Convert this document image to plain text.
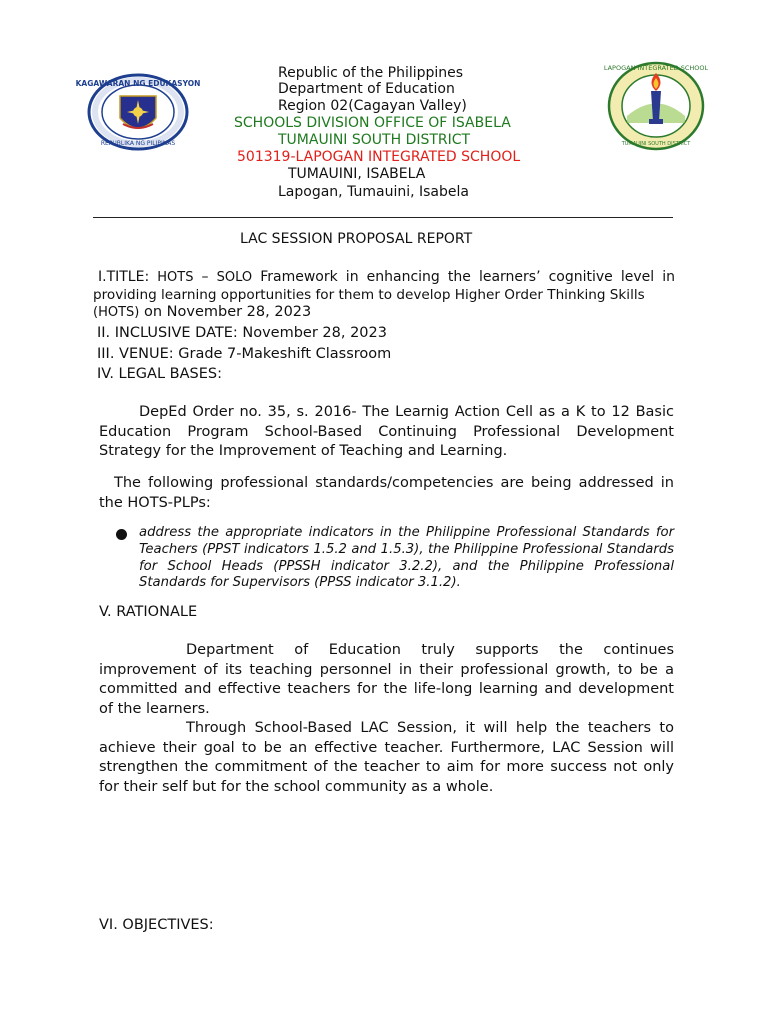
KAGAWARAN NG EDUKASYON
REPUBLIKA NG PILIPINAS
LAPOGAN INTEGRATED SCHOOL
TUMAUINI SOUTH DISTRICT
Republic of the Philippines
Department of Education
Region 02(Cagayan Valley)
SCHOOLS DIVISION OFFICE OF ISABELA
TUMAUINI SOUTH DISTRICT
501319-LAPOGAN INTEGRATED SCHOOL
TUMAUINI, ISABELA
Lapogan, Tumauini, Isabela
LAC SESSION PROPOSAL REPORT
I.TITLE: HOTS – SOLO Framework in enhancing the learners’ cognitive level in
providing learning opportunities for them to develop Higher Order Thinking Skills
(HOTS) on November 28, 2023
II. INCLUSIVE DATE: November 28, 2023
III. VENUE: Grade 7-Makeshift Classroom
IV. LEGAL BASES:
DepEd Order no. 35, s. 2016- The Learnig Action Cell as a K to 12 Basic Education Program School-Based Continuing Professional Development Strategy for the Improvement of Teaching and Learning.
The following professional standards/competencies are being addressed in the HOTS-PLPs:
address the appropriate indicators in the Philippine Professional Standards for Teachers (PPST indicators 1.5.2 and 1.5.3), the Philippine Professional Standards for School Heads (PPSSH indicator 3.2.2), and the Philippine Professional Standards for Supervisors (PPSS indicator 3.1.2).
V. RATIONALE
Department of Education truly supports the continues improvement of its teaching personnel in their professional growth, to be a committed and effective teachers for the life-long learning and development of the learners.
Through School-Based LAC Session, it will help the teachers to achieve their goal to be an effective teacher. Furthermore, LAC Session will strengthen the commitment of the teacher to aim for more success not only for their self but for the school community as a whole.
VI. OBJECTIVES:
